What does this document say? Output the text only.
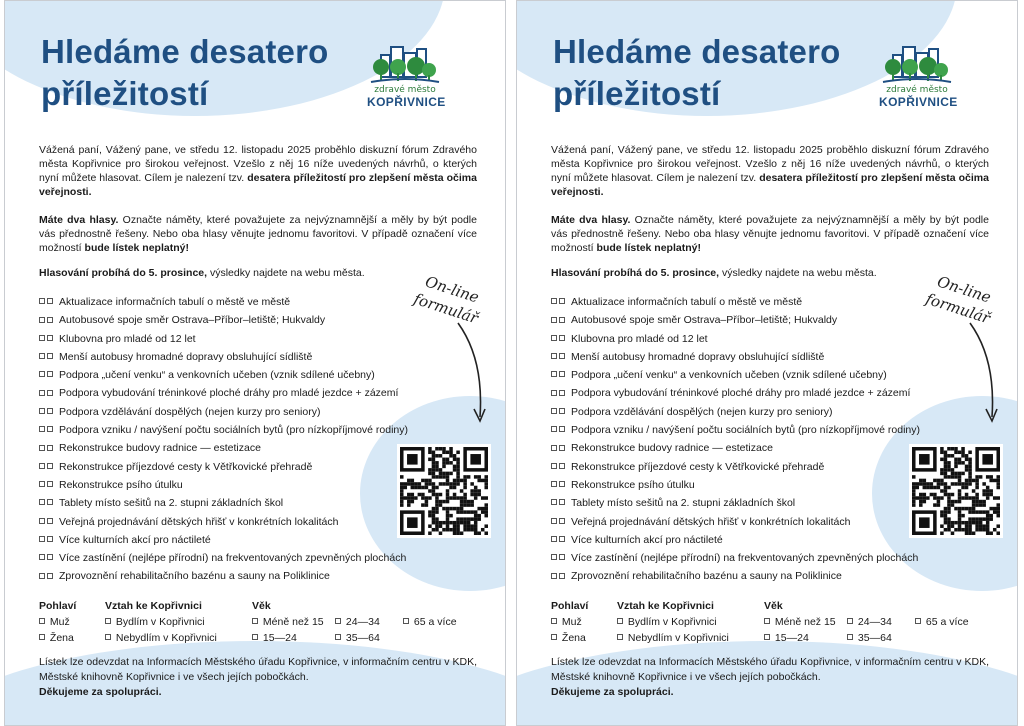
Hledáme desatero
příležitostí	zdravé město
KOPŘIVNICE

Vážená paní, Vážený pane, ve středu 12. listopadu 2025 proběhlo diskuzní fórum Zdravého města Kopřivnice pro širokou veřejnost. Vzešlo z něj 16 níže uvedených návrhů, o kterých nyní můžete hlasovat. Cílem je nalezení tzv. desatera příležitostí pro zlepšení města očima veřejnosti.

Máte dva hlasy. Označte náměty, které považujete za nejvýznamnější a měly by být podle vás přednostně řešeny. Nebo oba hlasy věnujte jednomu favoritovi. V případě označení více možností bude lístek neplatný!

Hlasování probíhá do 5. prosince, výsledky najdete na webu města.

Aktualizace informačních tabulí o městě ve městě
Autobusové spoje směr Ostrava–Příbor–letiště; Hukvaldy
Klubovna pro mladé od 12 let
Menší autobusy hromadné dopravy obsluhující sídliště
Podpora „učení venku“ a venkovních učeben (vznik sdílené učebny)
Podpora vybudování tréninkové ploché dráhy pro mladé jezdce + zázemí
Podpora vzdělávání dospělých (nejen kurzy pro seniory)
Podpora vzniku / navýšení počtu sociálních bytů (pro nízkopříjmové rodiny)
Rekonstrukce budovy radnice — estetizace
Rekonstrukce příjezdové cesty k Větřkovické přehradě
Rekonstrukce psího útulku
Tablety místo sešitů na 2. stupni základních škol
Veřejná projednávání dětských hřišť v konkrétních lokalitách
Více kulturních akcí pro náctileté
Více zastínění (nejlépe přírodní) na frekventovaných zpevněných plochách
Zprovoznění rehabilitačního bazénu a sauny na Poliklinice
On-line formulář
Pohlaví
Muž
Žena
Vztah ke Kopřivnici
Bydlím v Kopřivnici
Nebydlím v Kopřivnici
Věk
Méně než 15
15—24
24—34
35—64
65 a více

Lístek lze odevzdat na Informacích Městského úřadu Kopřivnice, v informačním centru v KDK, Městské knihovně Kopřivnice i ve všech jejích pobočkách.
Děkujeme za spolupráci.

Hledáme desatero
příležitostí	zdravé město
KOPŘIVNICE

Vážená paní, Vážený pane, ve středu 12. listopadu 2025 proběhlo diskuzní fórum Zdravého města Kopřivnice pro širokou veřejnost. Vzešlo z něj 16 níže uvedených návrhů, o kterých nyní můžete hlasovat. Cílem je nalezení tzv. desatera příležitostí pro zlepšení města očima veřejnosti.

Máte dva hlasy. Označte náměty, které považujete za nejvýznamnější a měly by být podle vás přednostně řešeny. Nebo oba hlasy věnujte jednomu favoritovi. V případě označení více možností bude lístek neplatný!

Hlasování probíhá do 5. prosince, výsledky najdete na webu města.

Aktualizace informačních tabulí o městě ve městě
Autobusové spoje směr Ostrava–Příbor–letiště; Hukvaldy
Klubovna pro mladé od 12 let
Menší autobusy hromadné dopravy obsluhující sídliště
Podpora „učení venku“ a venkovních učeben (vznik sdílené učebny)
Podpora vybudování tréninkové ploché dráhy pro mladé jezdce + zázemí
Podpora vzdělávání dospělých (nejen kurzy pro seniory)
Podpora vzniku / navýšení počtu sociálních bytů (pro nízkopříjmové rodiny)
Rekonstrukce budovy radnice — estetizace
Rekonstrukce příjezdové cesty k Větřkovické přehradě
Rekonstrukce psího útulku
Tablety místo sešitů na 2. stupni základních škol
Veřejná projednávání dětských hřišť v konkrétních lokalitách
Více kulturních akcí pro náctileté
Více zastínění (nejlépe přírodní) na frekventovaných zpevněných plochách
Zprovoznění rehabilitačního bazénu a sauny na Poliklinice
On-line formulář
Pohlaví
Muž
Žena
Vztah ke Kopřivnici
Bydlím v Kopřivnici
Nebydlím v Kopřivnici
Věk
Méně než 15
15—24
24—34
35—64
65 a více

Lístek lze odevzdat na Informacích Městského úřadu Kopřivnice, v informačním centru v KDK, Městské knihovně Kopřivnice i ve všech jejích pobočkách.
Děkujeme za spolupráci.
